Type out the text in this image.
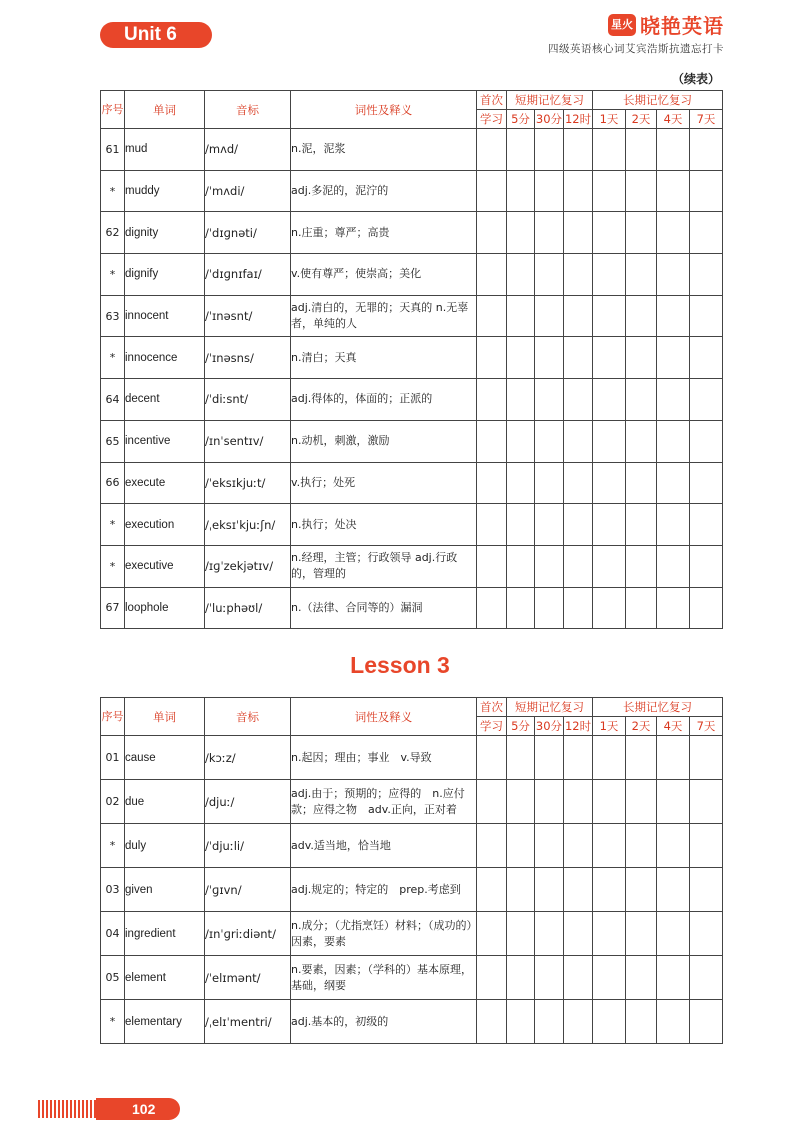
Unit 6	星火 晓艳英语
四级英语核心词艾宾浩斯抗遗忘打卡
（续表）
序号	单词	音标	词性及释义	首次	短期记忆复习			长期记忆复习			
				学习	5分	30分	12时	1天	2天	4天	7天
61	mud	/mʌd/	n.泥，泥浆								
*	muddy	/ˈmʌdi/	adj.多泥的，泥泞的								
62	dignity	/ˈdɪɡnəti/	n.庄重；尊严；高贵								
*	dignify	/ˈdɪɡnɪfaɪ/	v.使有尊严；使崇高；美化								
63	innocent	/ˈɪnəsnt/	adj.清白的，无罪的；天真的 n.无辜者，单纯的人								
*	innocence	/ˈɪnəsns/	n.清白；天真								
64	decent	/ˈdiːsnt/	adj.得体的，体面的；正派的								
65	incentive	/ɪnˈsentɪv/	n.动机，刺激，激励								
66	execute	/ˈeksɪkjuːt/	v.执行；处死								
*	execution	/ˌeksɪˈkjuːʃn/	n.执行；处决								
*	executive	/ɪɡˈzekjətɪv/	n.经理，主管；行政领导 adj.行政的，管理的								
67	loophole	/ˈluːphəʊl/	n.（法律、合同等的）漏洞								
Lesson 3
序号	单词	音标	词性及释义	首次	短期记忆复习			长期记忆复习			
				学习	5分	30分	12时	1天	2天	4天	7天
01	cause	/kɔːz/	n.起因；理由；事业　v.导致								
02	due	/djuː/	adj.由于；预期的；应得的　n.应付款；应得之物　adv.正向，正对着								
*	duly	/ˈdjuːli/	adv.适当地，恰当地								
03	given	/ˈɡɪvn/	adj.规定的；特定的　prep.考虑到								
04	ingredient	/ɪnˈɡriːdiənt/	n.成分；（尤指烹饪）材料；（成功的）因素，要素								
05	element	/ˈelɪmənt/	n.要素，因素；（学科的）基本原理，基础，纲要								
*	elementary	/ˌelɪˈmentri/	adj.基本的，初级的								
102
